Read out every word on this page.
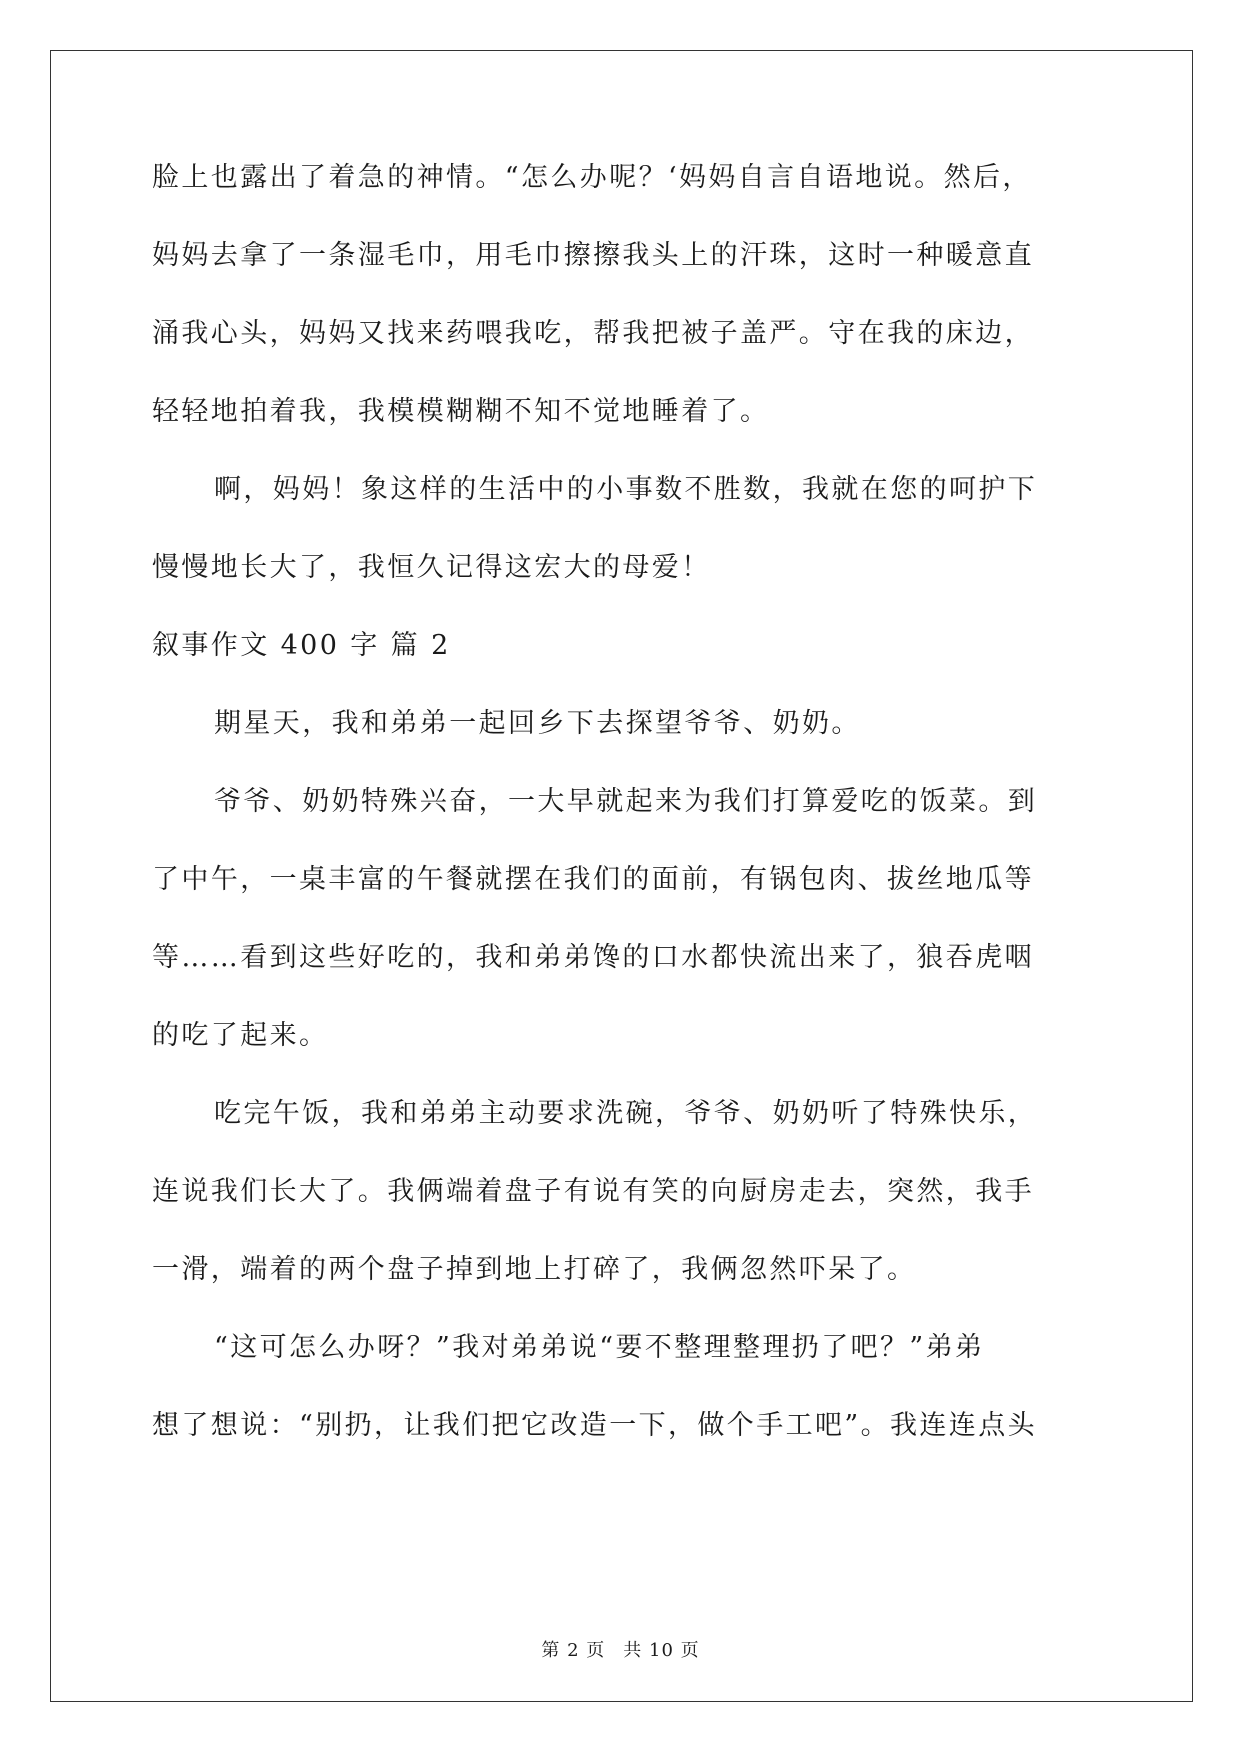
脸上也露出了着急的神情。“怎么办呢？‘妈妈自言自语地说。然后，
妈妈去拿了一条湿毛巾，用毛巾擦擦我头上的汗珠，这时一种暖意直
涌我心头，妈妈又找来药喂我吃，帮我把被子盖严。守在我的床边，
轻轻地拍着我，我模模糊糊不知不觉地睡着了。
啊，妈妈！象这样的生活中的小事数不胜数，我就在您的呵护下
慢慢地长大了，我恒久记得这宏大的母爱！
叙事作文 400 字 篇 2
期星天，我和弟弟一起回乡下去探望爷爷、奶奶。
爷爷、奶奶特殊兴奋，一大早就起来为我们打算爱吃的饭菜。到
了中午，一桌丰富的午餐就摆在我们的面前，有锅包肉、拔丝地瓜等
等……看到这些好吃的，我和弟弟馋的口水都快流出来了，狼吞虎咽
的吃了起来。
吃完午饭，我和弟弟主动要求洗碗，爷爷、奶奶听了特殊快乐，
连说我们长大了。我俩端着盘子有说有笑的向厨房走去，突然，我手
一滑，端着的两个盘子掉到地上打碎了，我俩忽然吓呆了。
“这可怎么办呀？”我对弟弟说“要不整理整理扔了吧？”弟弟
想了想说：“别扔，让我们把它改造一下，做个手工吧”。我连连点头
第 2 页 共 10 页
